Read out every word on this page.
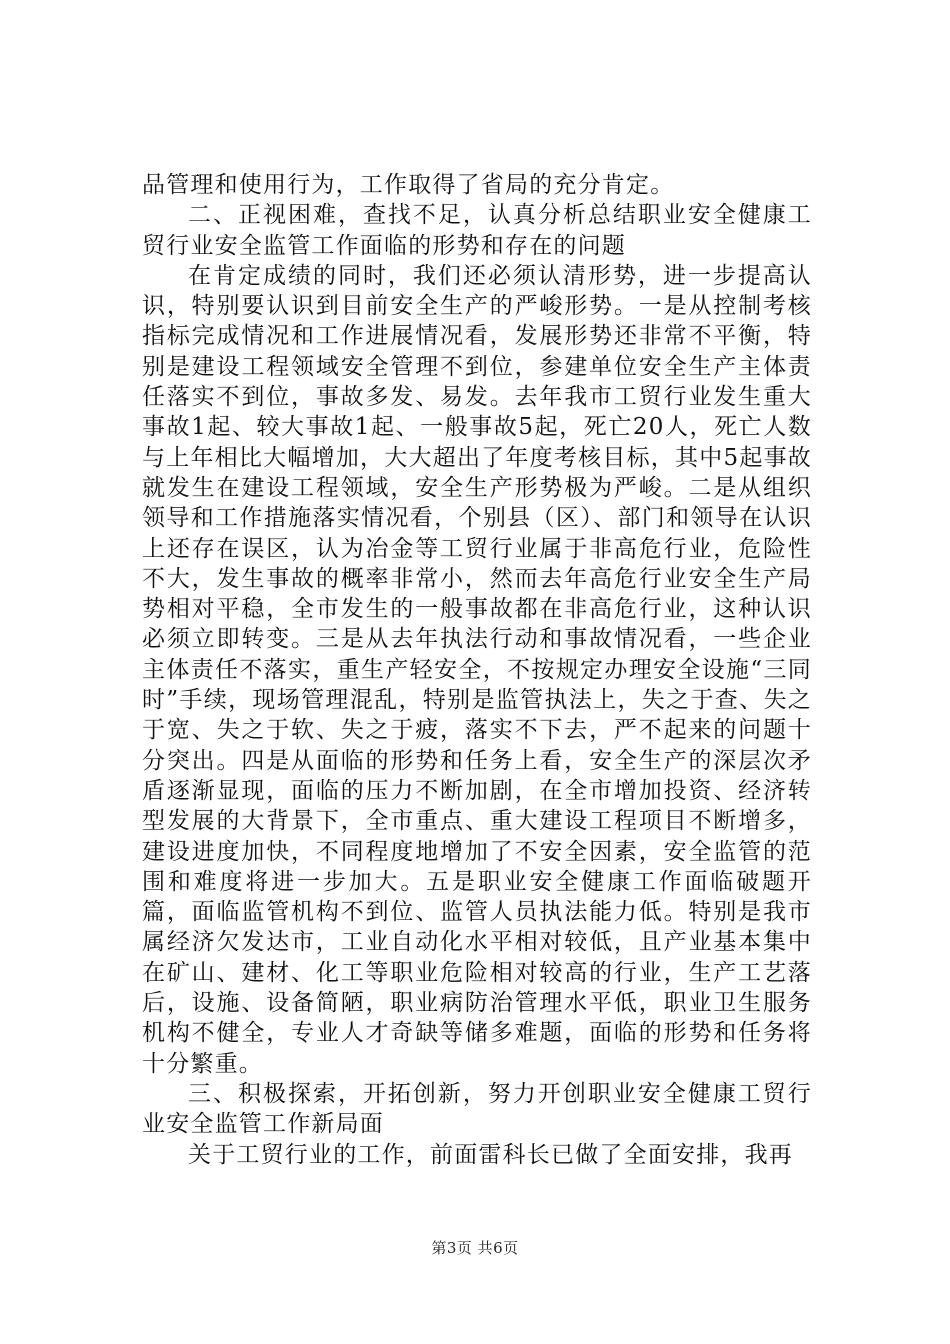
品管理和使用行为，工作取得了省局的充分肯定。

二、正视困难，查找不足，认真分析总结职业安全健康工贸行业安全监管工作面临的形势和存在的问题

在肯定成绩的同时，我们还必须认清形势，进一步提高认识，特别要认识到目前安全生产的严峻形势。一是从控制考核指标完成情况和工作进展情况看，发展形势还非常不平衡，特别是建设工程领域安全管理不到位，参建单位安全生产主体责任落实不到位，事故多发、易发。去年我市工贸行业发生重大事故1起、较大事故1起、一般事故5起，死亡20人，死亡人数与上年相比大幅增加，大大超出了年度考核目标，其中5起事故就发生在建设工程领域，安全生产形势极为严峻。二是从组织领导和工作措施落实情况看，个别县（区）、部门和领导在认识上还存在误区，认为冶金等工贸行业属于非高危行业，危险性不大，发生事故的概率非常小，然而去年高危行业安全生产局势相对平稳，全市发生的一般事故都在非高危行业，这种认识必须立即转变。三是从去年执法行动和事故情况看，一些企业主体责任不落实，重生产轻安全，不按规定办理安全设施“三同时”手续，现场管理混乱，特别是监管执法上，失之于查、失之于宽、失之于软、失之于疲，落实不下去，严不起来的问题十分突出。四是从面临的形势和任务上看，安全生产的深层次矛盾逐渐显现，面临的压力不断加剧，在全市增加投资、经济转型发展的大背景下，全市重点、重大建设工程项目不断增多，建设进度加快，不同程度地增加了不安全因素，安全监管的范围和难度将进一步加大。五是职业安全健康工作面临破题开篇，面临监管机构不到位、监管人员执法能力低。特别是我市属经济欠发达市，工业自动化水平相对较低，且产业基本集中在矿山、建材、化工等职业危险相对较高的行业，生产工艺落后，设施、设备简陋，职业病防治管理水平低，职业卫生服务机构不健全，专业人才奇缺等储多难题，面临的形势和任务将十分繁重。

三、积极探索，开拓创新，努力开创职业安全健康工贸行业安全监管工作新局面

关于工贸行业的工作，前面雷科长已做了全面安排，我再

第3页 共6页
